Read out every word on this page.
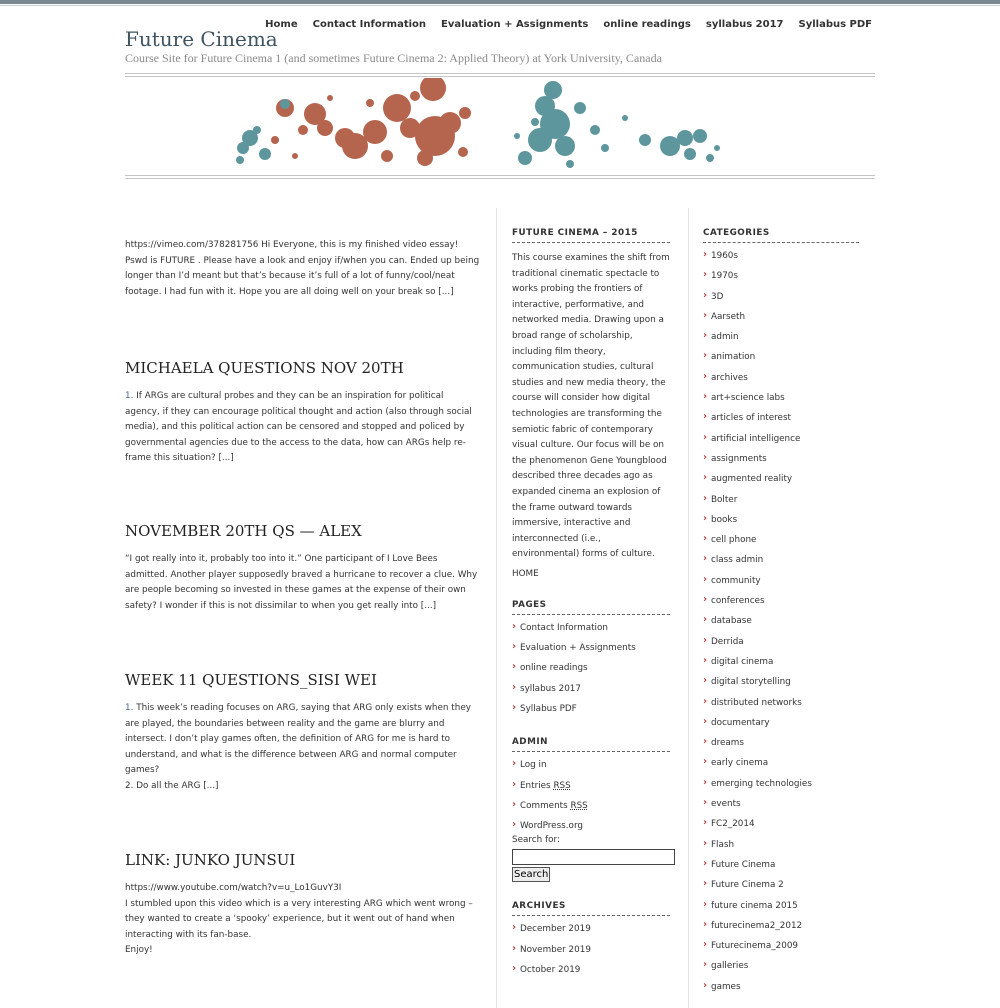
Home Contact Information Evaluation + Assignments online readings syllabus 2017 Syllabus PDF
Future Cinema
Course Site for Future Cinema 1 (and sometimes Future Cinema 2: Applied Theory) at York University, Canada
https://vimeo.com/378281756 Hi Everyone, this is my finished video essay! Pswd is FUTURE . Please have a look and enjoy if/when you can. Ended up being longer than I’d meant but that’s because it’s full of a lot of funny/cool/neat footage. I had fun with it. Hope you are all doing well on your break so [...]
MICHAELA QUESTIONS NOV 20TH
1. If ARGs are cultural probes and they can be an inspiration for political agency, if they can encourage political thought and action (also through social media), and this political action can be censored and stopped and policed by governmental agencies due to the access to the data, how can ARGs help re-frame this situation? [...]
NOVEMBER 20TH QS — ALEX
“I got really into it, probably too into it.” One participant of I Love Bees admitted. Another player supposedly braved a hurricane to recover a clue. Why are people becoming so invested in these games at the expense of their own safety? I wonder if this is not dissimilar to when you get really into [...]
WEEK 11 QUESTIONS_SISI WEI
1. This week’s reading focuses on ARG, saying that ARG only exists when they are played, the boundaries between reality and the game are blurry and intersect. I don’t play games often, the definition of ARG for me is hard to understand, and what is the difference between ARG and normal computer games?
2. Do all the ARG [...]
LINK: JUNKO JUNSUI
https://www.youtube.com/watch?v=u_Lo1GuvY3I
I stumbled upon this video which is a very interesting ARG which went wrong – they wanted to create a ‘spooky’ experience, but it went out of hand when interacting with its fan-base.
Enjoy!
FUTURE CINEMA – 2015
This course examines the shift from traditional cinematic spectacle to works probing the frontiers of interactive, performative, and networked media. Drawing upon a broad range of scholarship, including film theory, communication studies, cultural studies and new media theory, the course will consider how digital technologies are transforming the semiotic fabric of contemporary visual culture. Our focus will be on the phenomenon Gene Youngblood described three decades ago as expanded cinema an explosion of the frame outward towards immersive, interactive and interconnected (i.e., environmental) forms of culture.
HOME
PAGES
› Contact Information
› Evaluation + Assignments
› online readings
› syllabus 2017
› Syllabus PDF
ADMIN
› Log in
› Entries RSS
› Comments RSS
› WordPress.org
Search for:
Search
ARCHIVES
› December 2019
› November 2019
› October 2019
CATEGORIES
› 1960s
› 1970s
› 3D
› Aarseth
› admin
› animation
› archives
› art+science labs
› articles of interest
› artificial intelligence
› assignments
› augmented reality
› Bolter
› books
› cell phone
› class admin
› community
› conferences
› database
› Derrida
› digital cinema
› digital storytelling
› distributed networks
› documentary
› dreams
› early cinema
› emerging technologies
› events
› FC2_2014
› Flash
› Future Cinema
› Future Cinema 2
› future cinema 2015
› futurecinema2_2012
› Futurecinema_2009
› galleries
› games
